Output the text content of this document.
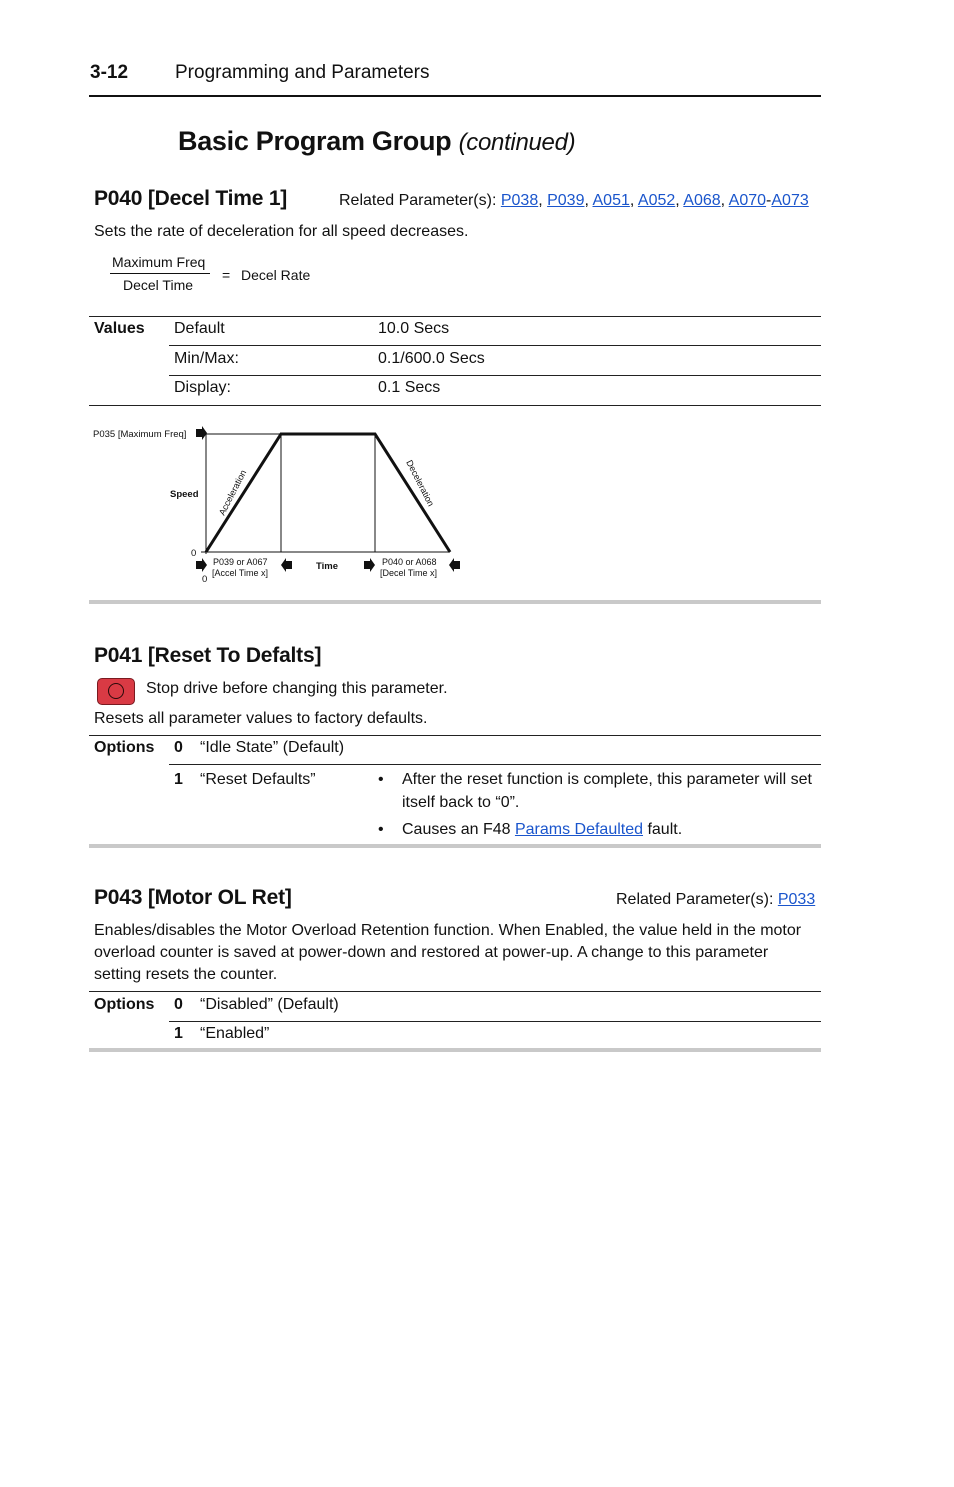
3-12 Programming and Parameters
Basic Program Group (continued)
P040 [Decel Time 1]	Related Parameter(s): P038, P039, A051, A052, A068, A070-A073
Sets the rate of deceleration for all speed decreases.
Maximum Freq
Decel Time
= Decel Rate
Values Default	10.0 Secs
Min/Max:	0.1/600.0 Secs
Display:	0.1 Secs
P035 [Maximum Freq]
Speed
0
Acceleration	Deceleration
0
P039 or A067
[Accel Time x]
Time	P040 or A068
[Decel Time x]
P041 [Reset To Defalts]
Stop drive before changing this parameter.
Resets all parameter values to factory defaults.
Options 0 “Idle State” (Default)
1 “Reset Defaults”	• After the reset function is complete, this parameter will set
itself back to “0”.
• Causes an F48 Params Defaulted fault.
P043 [Motor OL Ret]	Related Parameter(s): P033
Enables/disables the Motor Overload Retention function. When Enabled, the value held in the motor
overload counter is saved at power-down and restored at power-up. A change to this parameter
setting resets the counter.
Options 0 “Disabled” (Default)
1 “Enabled”
